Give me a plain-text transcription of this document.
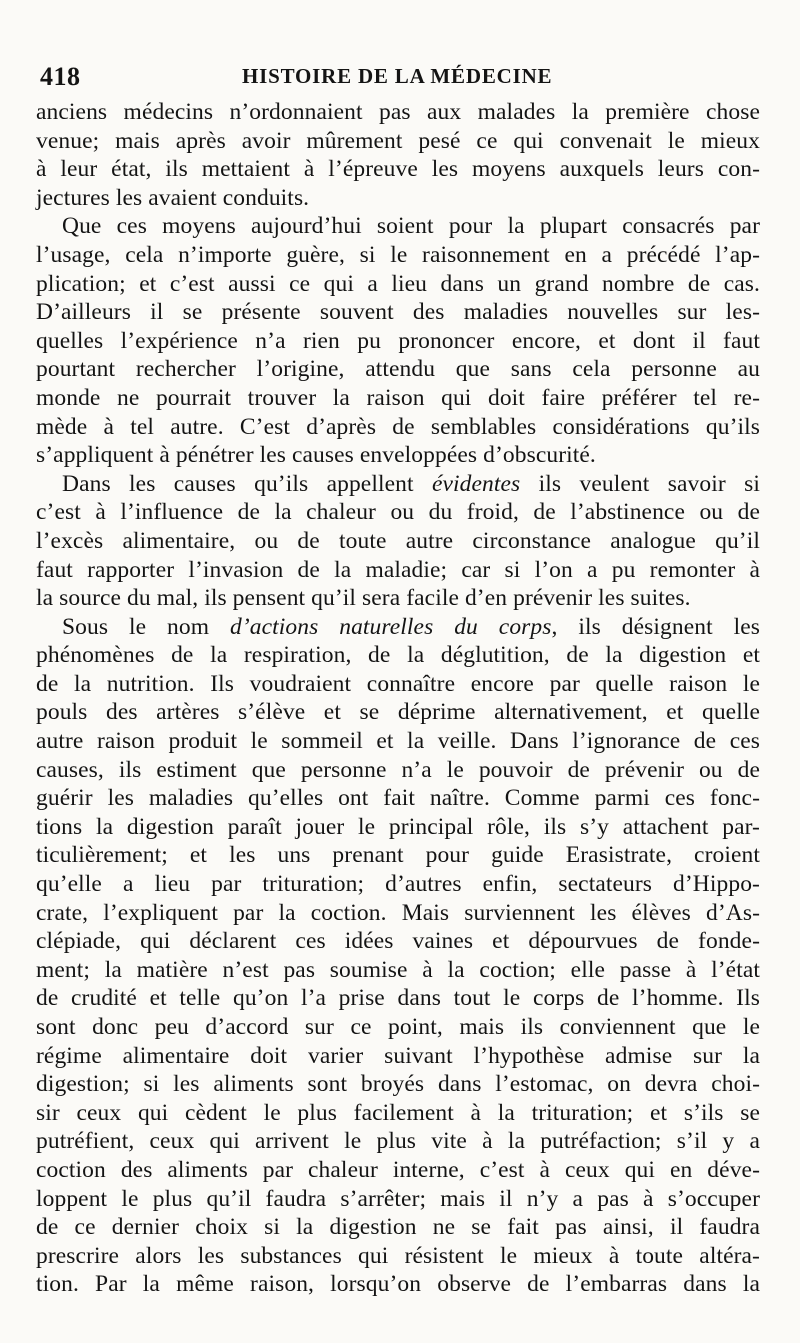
418	HISTOIRE DE LA MÉDECINE
anciens médecins n’ordonnaient pas aux malades la première chose
venue; mais après avoir mûrement pesé ce qui convenait le mieux
à leur état, ils mettaient à l’épreuve les moyens auxquels leurs con-
jectures les avaient conduits.
Que ces moyens aujourd’hui soient pour la plupart consacrés par
l’usage, cela n’importe guère, si le raisonnement en a précédé l’ap-
plication; et c’est aussi ce qui a lieu dans un grand nombre de cas.
D’ailleurs il se présente souvent des maladies nouvelles sur les-
quelles l’expérience n’a rien pu prononcer encore, et dont il faut
pourtant rechercher l’origine, attendu que sans cela personne au
monde ne pourrait trouver la raison qui doit faire préférer tel re-
mède à tel autre. C’est d’après de semblables considérations qu’ils
s’appliquent à pénétrer les causes enveloppées d’obscurité.
Dans les causes qu’ils appellent évidentes ils veulent savoir si
c’est à l’influence de la chaleur ou du froid, de l’abstinence ou de
l’excès alimentaire, ou de toute autre circonstance analogue qu’il
faut rapporter l’invasion de la maladie; car si l’on a pu remonter à
la source du mal, ils pensent qu’il sera facile d’en prévenir les suites.
Sous le nom d’actions naturelles du corps, ils désignent les
phénomènes de la respiration, de la déglutition, de la digestion et
de la nutrition. Ils voudraient connaître encore par quelle raison le
pouls des artères s’élève et se déprime alternativement, et quelle
autre raison produit le sommeil et la veille. Dans l’ignorance de ces
causes, ils estiment que personne n’a le pouvoir de prévenir ou de
guérir les maladies qu’elles ont fait naître. Comme parmi ces fonc-
tions la digestion paraît jouer le principal rôle, ils s’y attachent par-
ticulièrement; et les uns prenant pour guide Erasistrate, croient
qu’elle a lieu par trituration; d’autres enfin, sectateurs d’Hippo-
crate, l’expliquent par la coction. Mais surviennent les élèves d’As-
clépiade, qui déclarent ces idées vaines et dépourvues de fonde-
ment; la matière n’est pas soumise à la coction; elle passe à l’état
de crudité et telle qu’on l’a prise dans tout le corps de l’homme. Ils
sont donc peu d’accord sur ce point, mais ils conviennent que le
régime alimentaire doit varier suivant l’hypothèse admise sur la
digestion; si les aliments sont broyés dans l’estomac, on devra choi-
sir ceux qui cèdent le plus facilement à la trituration; et s’ils se
putréfient, ceux qui arrivent le plus vite à la putréfaction; s’il y a
coction des aliments par chaleur interne, c’est à ceux qui en déve-
loppent le plus qu’il faudra s’arrêter; mais il n’y a pas à s’occuper
de ce dernier choix si la digestion ne se fait pas ainsi, il faudra
prescrire alors les substances qui résistent le mieux à toute altéra-
tion. Par la même raison, lorsqu’on observe de l’embarras dans la
